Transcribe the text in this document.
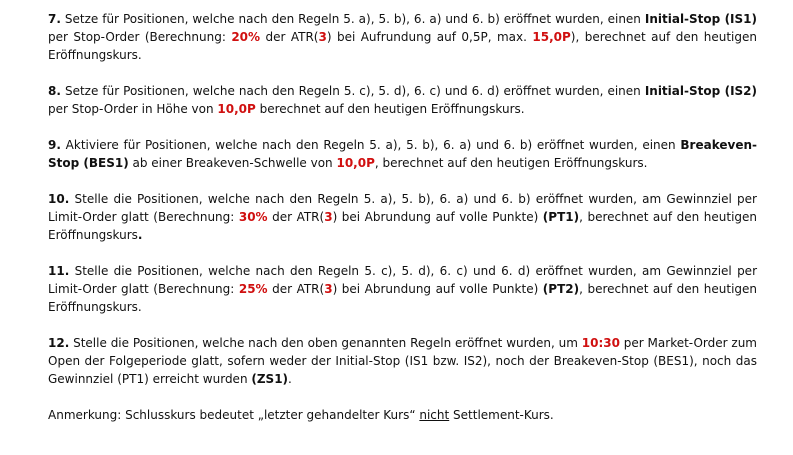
7. Setze für Positionen, welche nach den Regeln 5. a), 5. b), 6. a) und 6. b) eröffnet wurden, einen Initial-Stop (IS1) per Stop-Order (Berechnung: 20% der ATR(3) bei Aufrundung auf 0,5P, max. 15,0P), berechnet auf den heutigen Eröffnungskurs.

8. Setze für Positionen, welche nach den Regeln 5. c), 5. d), 6. c) und 6. d) eröffnet wurden, einen Initial-Stop (IS2) per Stop-Order in Höhe von 10,0P berechnet auf den heutigen Eröffnungskurs.

9. Aktiviere für Positionen, welche nach den Regeln 5. a), 5. b), 6. a) und 6. b) eröffnet wurden, einen Breakeven-Stop (BES1) ab einer Breakeven-Schwelle von 10,0P, berechnet auf den heutigen Eröffnungskurs.

10. Stelle die Positionen, welche nach den Regeln 5. a), 5. b), 6. a) und 6. b) eröffnet wurden, am Gewinnziel per Limit-Order glatt (Berechnung: 30% der ATR(3) bei Abrundung auf volle Punkte) (PT1), berechnet auf den heutigen Eröffnungskurs.

11. Stelle die Positionen, welche nach den Regeln 5. c), 5. d), 6. c) und 6. d) eröffnet wurden, am Gewinnziel per Limit-Order glatt (Berechnung: 25% der ATR(3) bei Abrundung auf volle Punkte) (PT2), berechnet auf den heutigen Eröffnungskurs.

12. Stelle die Positionen, welche nach den oben genannten Regeln eröffnet wurden, um 10:30 per Market-Order zum Open der Folgeperiode glatt, sofern weder der Initial-Stop (IS1 bzw. IS2), noch der Breakeven-Stop (BES1), noch das Gewinnziel (PT1) erreicht wurden (ZS1).

Anmerkung: Schlusskurs bedeutet „letzter gehandelter Kurs“ nicht Settlement-Kurs.
